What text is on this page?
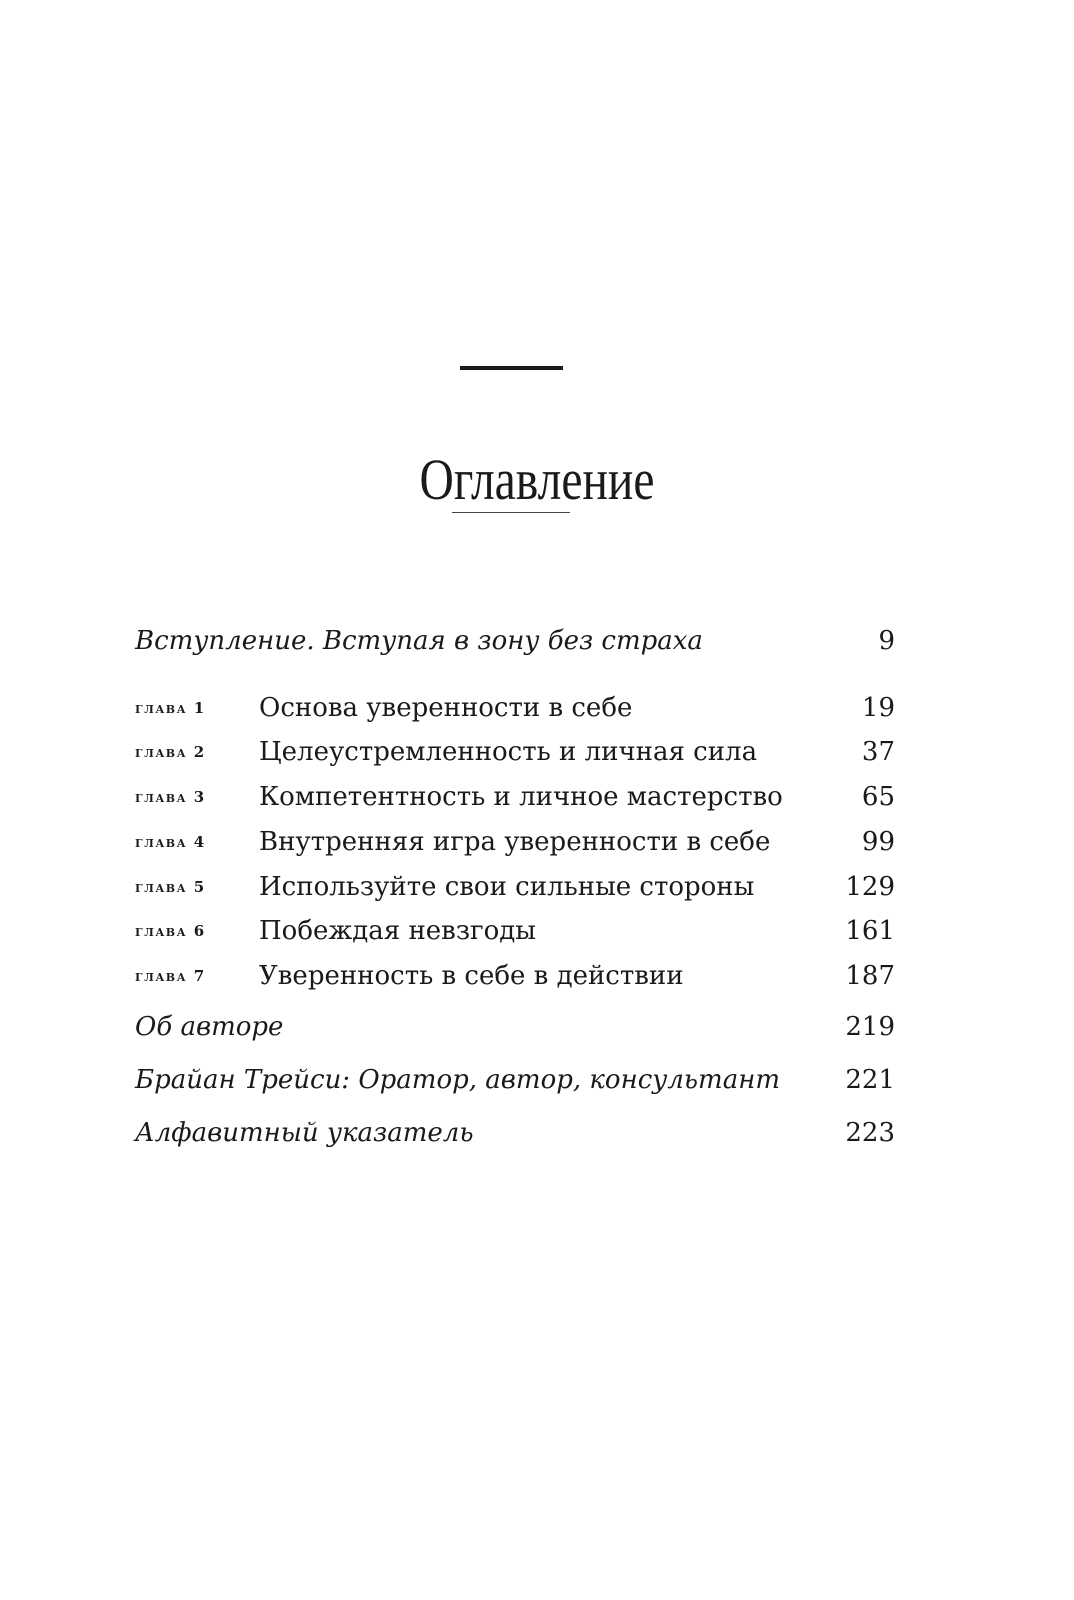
Оглавление
Вступление. Вступая в зону без страха	9
глава 1 Основа уверенности в себе	19
глава 2 Целеустремленность и личная сила	37
глава 3 Компетентность и личное мастерство	65
глава 4 Внутренняя игра уверенности в себе	99
глава 5 Используйте свои сильные стороны	129
глава 6 Побеждая невзгоды	161
глава 7 Уверенность в себе в действии	187
Об авторе	219
Брайан Трейси: Оратор, автор, консультант	221
Алфавитный указатель	223
